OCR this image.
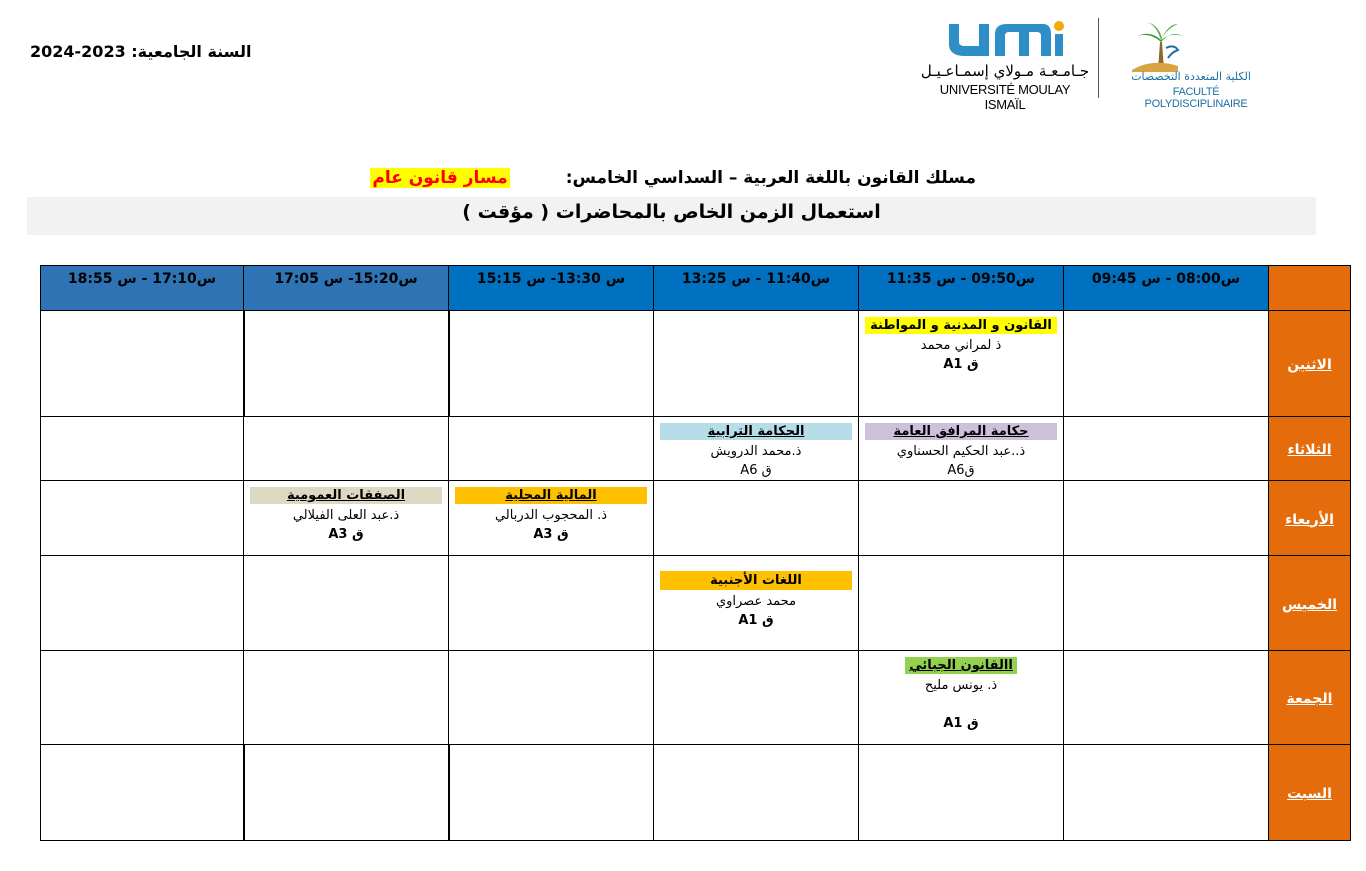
السنة الجامعية: 2023-2024
جـامـعـة مـولاي إسمـاعـيـل
UNIVERSITÉ MOULAY ISMAÏL
الكلية المتعددة التخصصات
FACULTÉ POLYDISCIPLINAIRE
مسلك القانون باللغة العربية – السداسي الخامس:مسار قانون عام
استعمال الزمن الخاص بالمحاضرات ( مؤقت )
	س08:00 - س 09:45	س09:50 - س 11:35	س11:40 - س 13:25	س 13:30- س 15:15	س15:20- س 17:05	س17:10 - س 18:55
الاثنين		القانون و المدنية و المواطنة
ذ لمراني محمد
ق A1				

الثلاثاء		حكامة المرافق العامة
ذ..عبد الحكيم الحسناوي
قA6	الحكامة الترابية
ذ.محمد الدرويش
ق A6			

الأربعاء				المالية المحلية
ذ. المحجوب الدربالي
ق A3	الصفقات العمومية
ذ.عبد العلى الفيلالي
ق A3	

الخميس			اللغات الأجنبية
محمد عصراوي
ق A1			

الجمعة		االقانون الجبائي
ذ. يونس مليح
ق A1				

السبت						
